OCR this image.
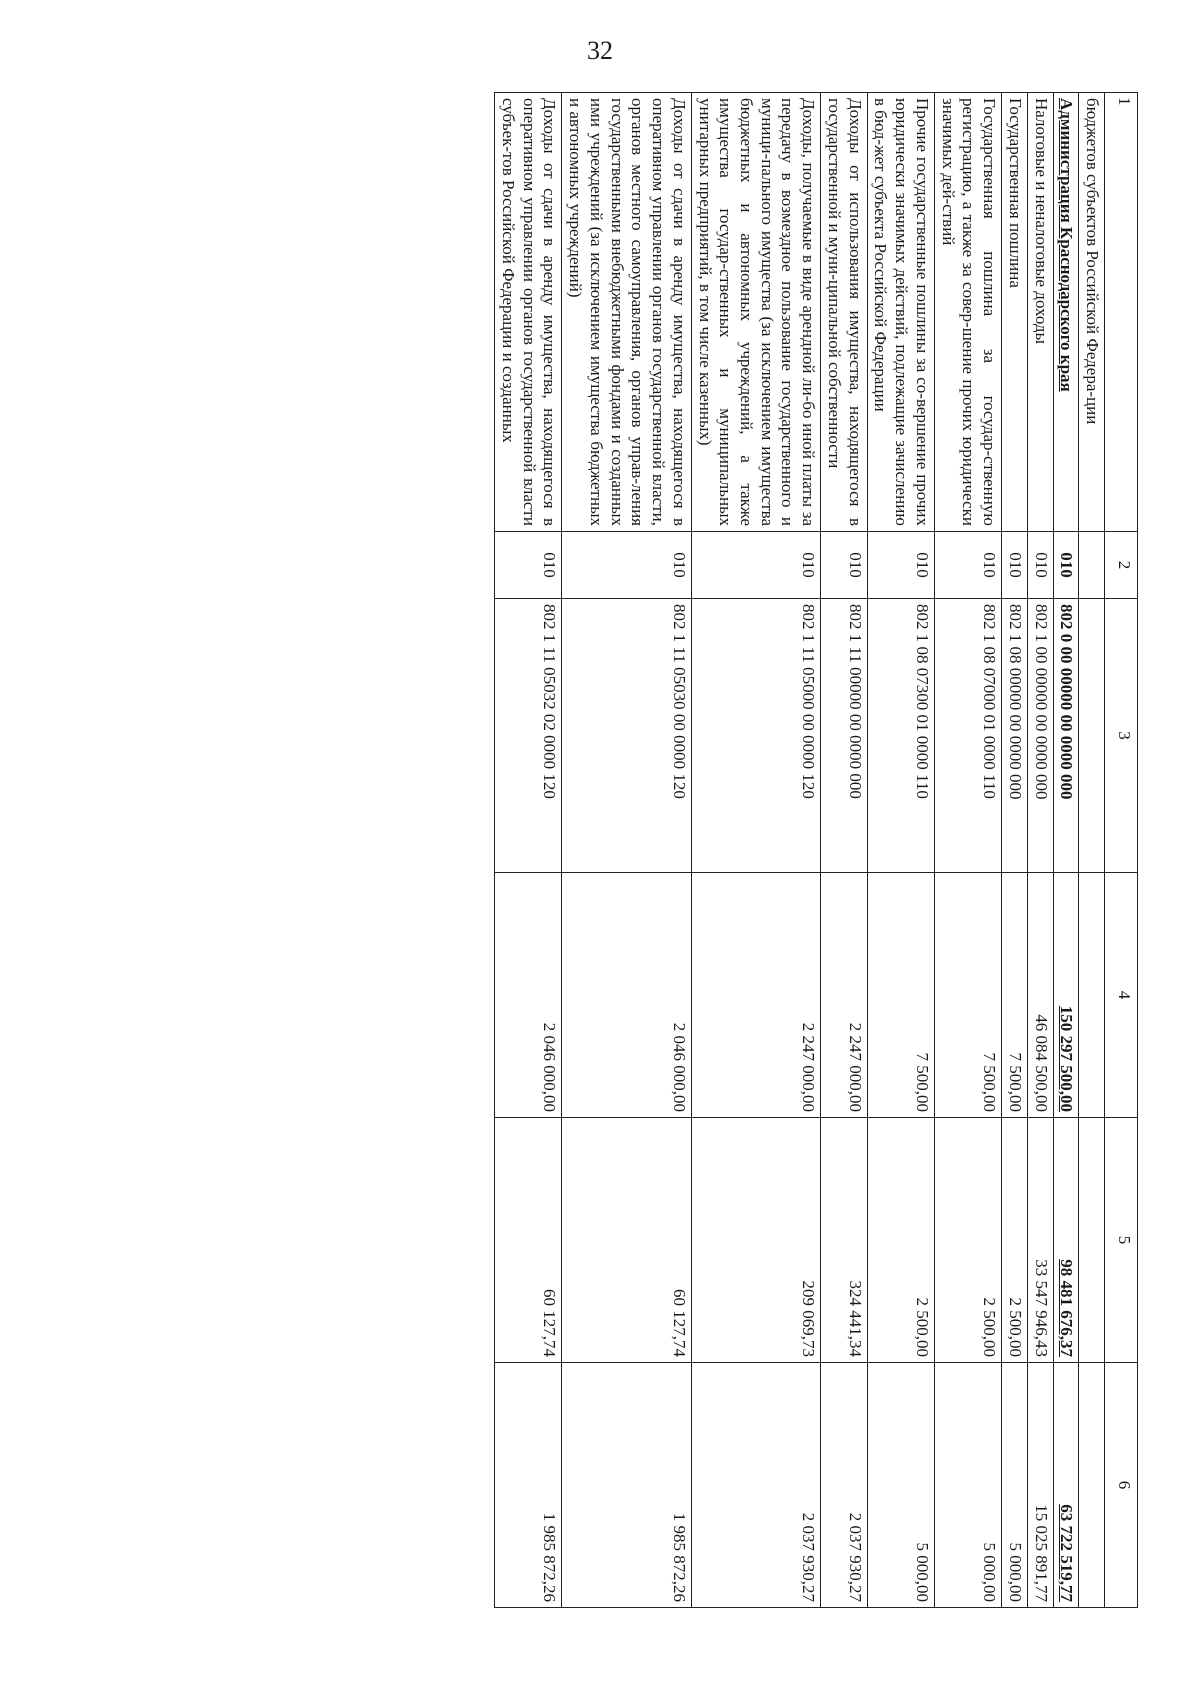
32
1	2	3	4	5	6
бюджетов субъектов Российской Федера-ции					
Администрация Краснодарского края	010	802 0 00 00000 00 0000 000	150 297 500,00	98 481 676,37	63 722 519,77
Налоговые и неналоговые доходы	010	802 1 00 00000 00 0000 000	46 084 500,00	33 547 946,43	15 025 891,77
Государственная пошлина	010	802 1 08 00000 00 0000 000	7 500,00	2 500,00	5 000,00
Государственная пошлина за государ-ственную регистрацию, а также за совер-шение прочих юридически значимых дей-ствий	010	802 1 08 07000 01 0000 110	7 500,00	2 500,00	5 000,00
Прочие государственные пошлины за со-вершение прочих юридически значимых действий, подлежащие зачислению в бюд-жет субъекта Российской Федерации	010	802 1 08 07300 01 0000 110	7 500,00	2 500,00	5 000,00
Доходы от использования имущества, находящегося в государственной и муни-ципальной собственности	010	802 1 11 00000 00 0000 000	2 247 000,00	324 441,34	2 037 930,27
Доходы, получаемые в виде арендной ли-бо иной платы за передачу в возмездное пользование государственного и муници-пального имущества (за исключением имущества бюджетных и автономных учреждений, а также имущества государ-ственных и муниципальных унитарных предприятий, в том числе казенных)	010	802 1 11 05000 00 0000 120	2 247 000,00	209 069,73	2 037 930,27
Доходы от сдачи в аренду имущества, находящегося в оперативном управлении органов государственной власти, органов местного самоуправления, органов управ-ления государственными внебюджетными фондами и созданных ими учреждений (за исключением имущества бюджетных и автономных учреждений)	010	802 1 11 05030 00 0000 120	2 046 000,00	60 127,74	1 985 872,26
Доходы от сдачи в аренду имущества, находящегося в оперативном управлении органов государственной власти субъек-тов Российской Федерации и созданных	010	802 1 11 05032 02 0000 120	2 046 000,00	60 127,74	1 985 872,26
